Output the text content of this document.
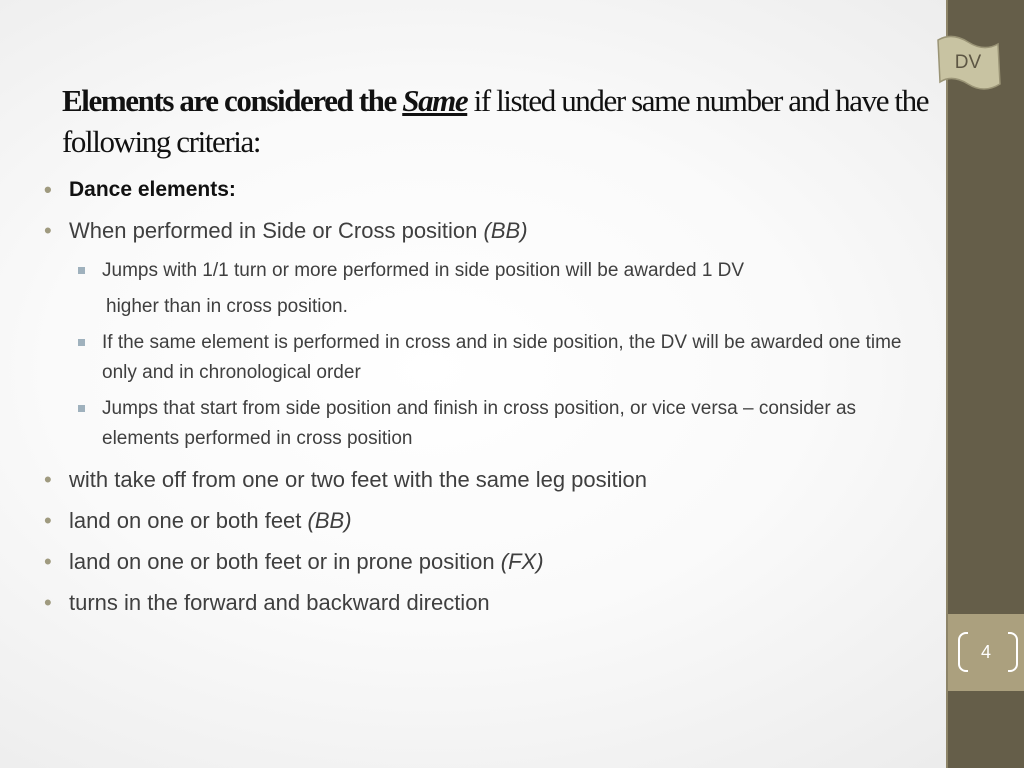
4
DV
Elements are considered the Same if listed under same number and have the following criteria:
• Dance elements:
• When performed in Side or Cross position (BB)
Jumps with 1/1 turn or more performed in side position will be awarded 1 DV
higher than in cross position.
If the same element is performed in cross and in side position, the DV will be awarded one time only and in chronological order
Jumps that start from side position and finish in cross position, or vice versa – consider as elements performed in cross position
• with take off from one or two feet with the same leg position
• land on one or both feet (BB)
• land on one or both feet or in prone position (FX)
• turns in the forward and backward direction
